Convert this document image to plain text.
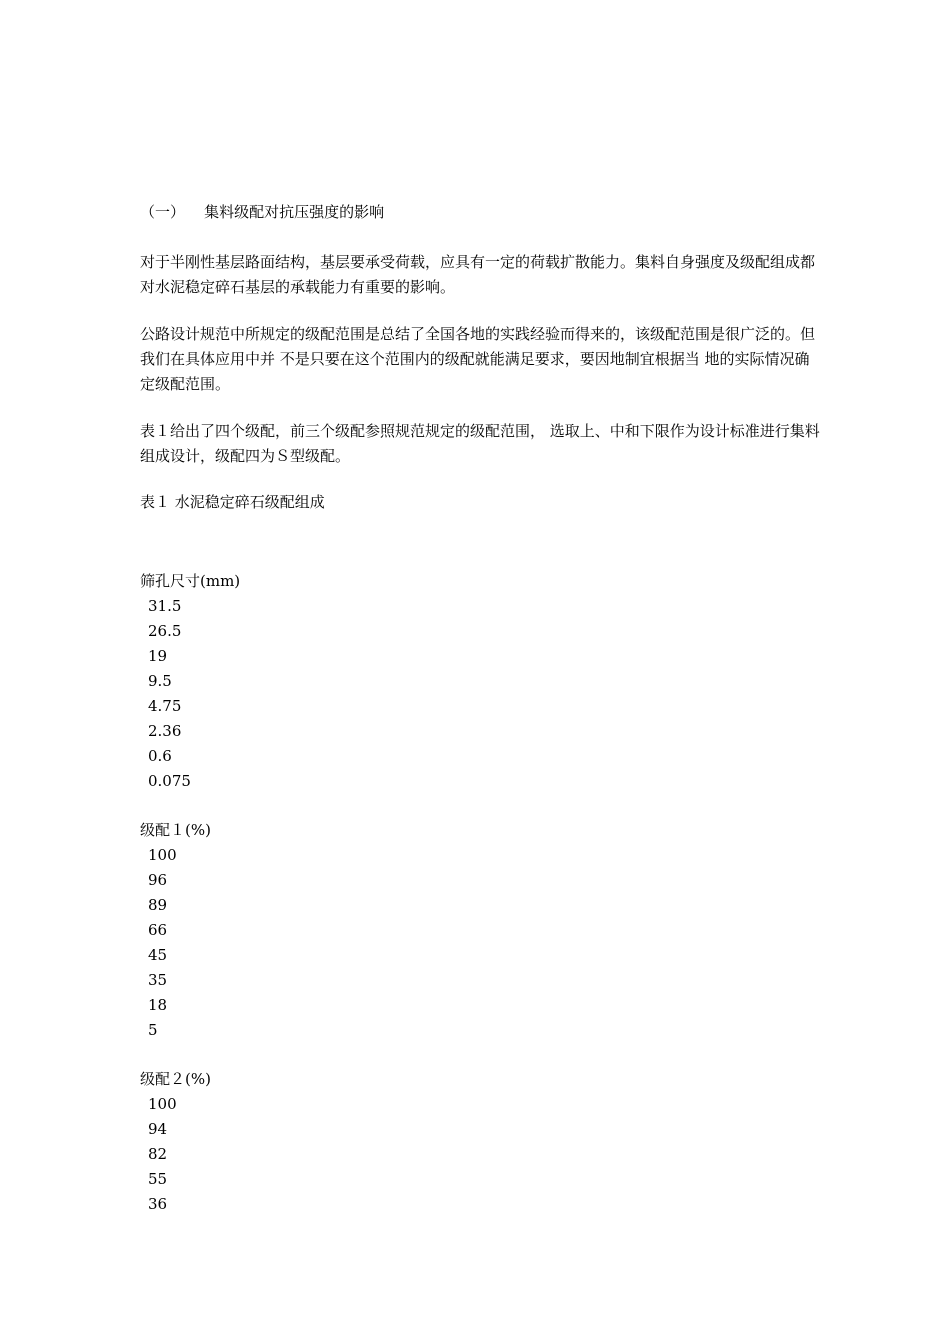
（一） 集料级配对抗压强度的影响

对于半刚性基层路面结构，基层要承受荷载，应具有一定的荷载扩散能力。集料自身强度及级配组成都对水泥稳定碎石基层的承载能力有重要的影响。

公路设计规范中所规定的级配范围是总结了全国各地的实践经验而得来的，该级配范围是很广泛的。但我们在具体应用中并 不是只要在这个范围内的级配就能满足要求，要因地制宜根据当 地的实际情况确定级配范围。

表１给出了四个级配，前三个级配参照规范规定的级配范围， 选取上、中和下限作为设计标准进行集料组成设计，级配四为Ｓ型级配。

表１ 水泥稳定碎石级配组成
筛孔尺寸(mm)
31.5
26.5
19
9.5
4.75
2.36
0.6
0.075
级配１(%)
100
96
89
66
45
35
18
5
级配２(%)
100
94
82
55
36
